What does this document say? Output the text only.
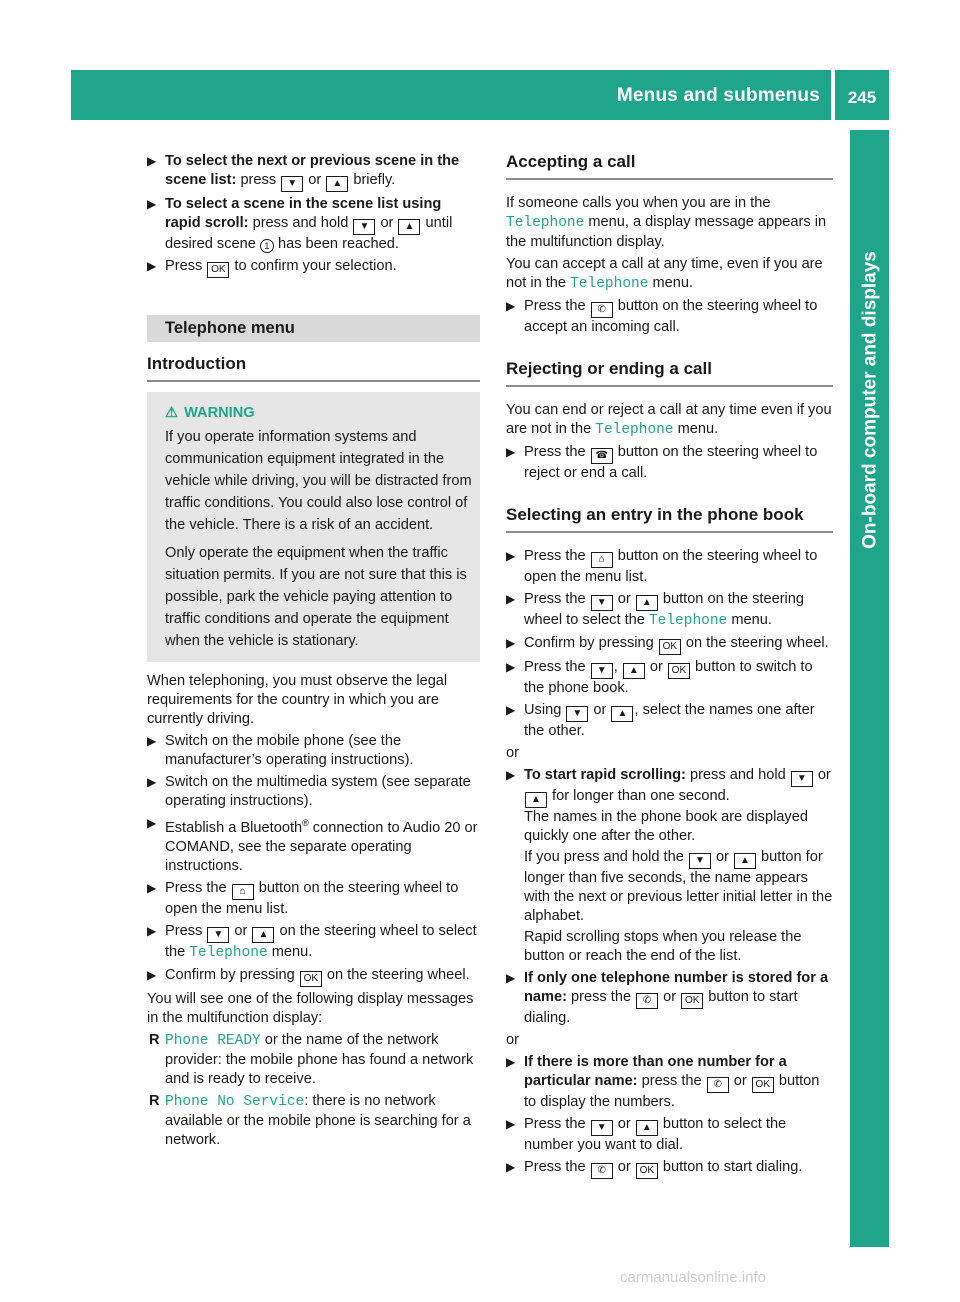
Menus and submenus	245
On-board computer and displays
carmanualsonline.info
▶ To select the next or previous scene in the scene list: press ▼ or ▲ briefly.
▶ To select a scene in the scene list using rapid scroll: press and hold ▼ or ▲ until desired scene 1 has been reached.
▶ Press OK to confirm your selection.
Telephone menu
Introduction
⚠ WARNING

If you operate information systems and communication equipment integrated in the vehicle while driving, you will be distracted from traffic conditions. You could also lose control of the vehicle. There is a risk of an accident.

Only operate the equipment when the traffic situation permits. If you are not sure that this is possible, park the vehicle paying attention to traffic conditions and operate the equipment when the vehicle is stationary.

When telephoning, you must observe the legal requirements for the country in which you are currently driving.

▶ Switch on the mobile phone (see the manufacturer’s operating instructions).
▶ Switch on the multimedia system (see separate operating instructions).
▶ Establish a Bluetooth® connection to Audio 20 or COMAND, see the separate operating instructions.
▶ Press the ⌂ button on the steering wheel to open the menu list.
▶ Press ▼ or ▲ on the steering wheel to select the Telephone menu.
▶ Confirm by pressing OK on the steering wheel.

You will see one of the following display messages in the multifunction display:

R Phone READY or the name of the network provider: the mobile phone has found a network and is ready to receive.
R Phone No Service: there is no network available or the mobile phone is searching for a network.
Accepting a call

If someone calls you when you are in the Telephone menu, a display message appears in the multifunction display.

You can accept a call at any time, even if you are not in the Telephone menu.

▶ Press the ✆ button on the steering wheel to accept an incoming call.
Rejecting or ending a call

You can end or reject a call at any time even if you are not in the Telephone menu.

▶ Press the ☎ button on the steering wheel to reject or end a call.
Selecting an entry in the phone book
▶ Press the ⌂ button on the steering wheel to open the menu list.
▶ Press the ▼ or ▲ button on the steering wheel to select the Telephone menu.
▶ Confirm by pressing OK on the steering wheel.
▶ Press the ▼ , ▲ or OK button to switch to the phone book.
▶ Using ▼ or ▲ , select the names one after the other.

or

▶ To start rapid scrolling: press and hold ▼ or ▲ for longer than one second.
The names in the phone book are displayed quickly one after the other.
If you press and hold the ▼ or ▲ button for longer than five seconds, the name appears with the next or previous letter initial letter in the alphabet.
Rapid scrolling stops when you release the button or reach the end of the list.
▶ If only one telephone number is stored for a name: press the ✆ or OK button to start dialing.

or

▶ If there is more than one number for a particular name: press the ✆ or OK button to display the numbers.
▶ Press the ▼ or ▲ button to select the number you want to dial.
▶ Press the ✆ or OK button to start dialing.
